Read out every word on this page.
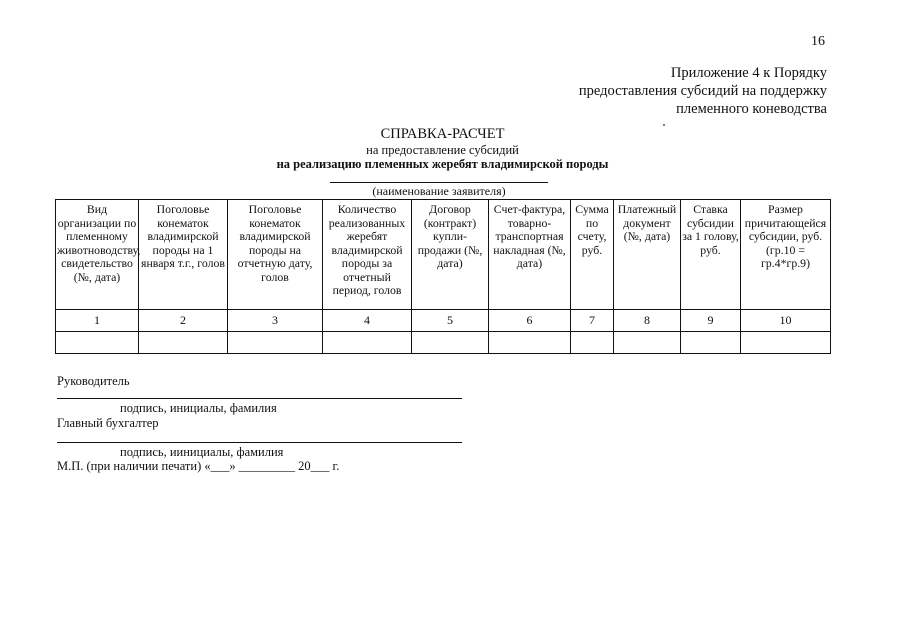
16
Приложение 4 к Порядку
предоставления субсидий на поддержку
племенного коневодства
СПРАВКА-РАСЧЕТ
на предоставление субсидий
на реализацию племенных жеребят владимирской породы
(наименование заявителя)
Вид организации по племенному животноводству, свидетельство (№, дата)	Поголовье конематок владимирской породы на 1 января т.г., голов	Поголовье конематок владимирской породы на отчетную дату, голов	Количество реализованных жеребят владимирской породы за отчетный период, голов	Договор (контракт) купли-продажи (№, дата)	Счет-фактура, товарно-транспортная накладная (№, дата)	Сумма по счету, руб.	Платежный документ (№, дата)	Ставка субсидии за 1 голову, руб.	Размер причитающейся субсидии, руб. (гр.10 = гр.4*гр.9)
1	2	3	4	5	6	7	8	9	10

Руководитель
подпись, инициалы, фамилия
Главный бухгалтер
подпись, иинициалы, фамилия
М.П. (при наличии печати) «___» _________ 20___ г.
